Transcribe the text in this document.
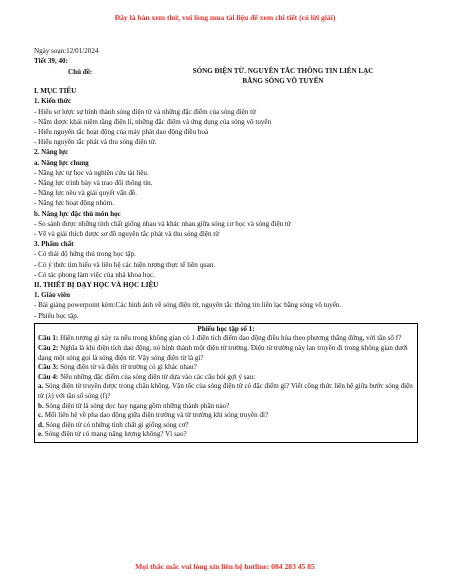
Đây là bản xem thử, vui lòng mua tài liệu để xem chi tiết (có lời giải)

Ngày soạn:12/01/2024

Tiết 39, 40:

Chủ đề:	SÓNG ĐIỆN TỪ. NGUYÊN TẮC THÔNG TIN LIÊN LẠC
BẰNG SÓNG VÔ TUYẾN

I. MỤC TIÊU

1. Kiến thức

- Hiểu sơ lược sự hình thành sóng điện từ và những đặc điểm của sóng điện từ

- Nắm được khái niệm tầng điện li, những đặc điểm và ứng dụng của sóng vô tuyến

- Hiểu nguyên tắc hoạt động của máy phát dao động điều hoà

- Hiểu nguyên tắc phát và thu sóng điện từ.

2. Năng lực

a. Năng lực chung

- Năng lực tự học và nghiên cứu tài liệu.

- Năng lực trình bày và trao đổi thông tin.

- Năng lực nêu và giải quyết vấn đề.

- Năng lực hoạt động nhóm.

b. Năng lực đặc thù môn học

- So sánh được những tính chất giống nhau và khác nhau giữa sóng cơ học và sóng điện từ

- Vẽ và giải thích được sơ đồ nguyên tắc phát và thu sóng điện từ

3. Phẩm chất

- Có thái độ hứng thú trong học tập.

- Có ý thức tìm hiểu và liên hệ các hiện tượng thực tế liên quan.

- Có tác phong làm việc của nhà khoa học.

II. THIẾT BỊ DẠY HỌC VÀ HỌC LIỆU

1. Giáo viên

- Bài giảng powerpoint kèm:Các hình ảnh về sóng điện từ, nguyên tắc thông tin liên lạc bằng sóng vô tuyến.

- Phiếu học tập.

Phiếu học tập số 1:

Câu 1: Hiện tượng gì xảy ra nếu trong không gian có 1 điện tích điểm dao động điều hòa theo phương thẳng đứng, với tần số f?

Câu 2: Nghĩa là khi điện tích dao động, nó hình thành một điện từ trường. Điện từ trường này lan truyền đi trong không gian dưới dạng một sóng gọi là sóng điện từ. Vậy sóng điện từ là gì?

Câu 3: Sóng điện từ và điện từ trường có gì khác nhau?

Câu 4: Nêu những đặc điểm của sóng điện từ dựa vào các câu hỏi gợi ý sau:

a. Sóng điện từ truyền được trong chân không. Vận tốc của sóng điện từ có đặc điểm gì? Viết công thức liên hệ giữa bước sóng điện từ (λ) với tần số sóng (f)?

b. Sóng điện từ là sóng dọc hay ngang gồm những thành phần nào?

c. Mối liên hệ về pha dao động giữa điện trường và từ trường khi sóng truyền đi?

d. Sóng điện từ có những tính chất gì giống sóng cơ?

e. Sóng điện từ có mang năng lượng không? Vì sao?

Mọi thắc mắc vui lòng xin liên hệ hotline: 084 283 45 85
